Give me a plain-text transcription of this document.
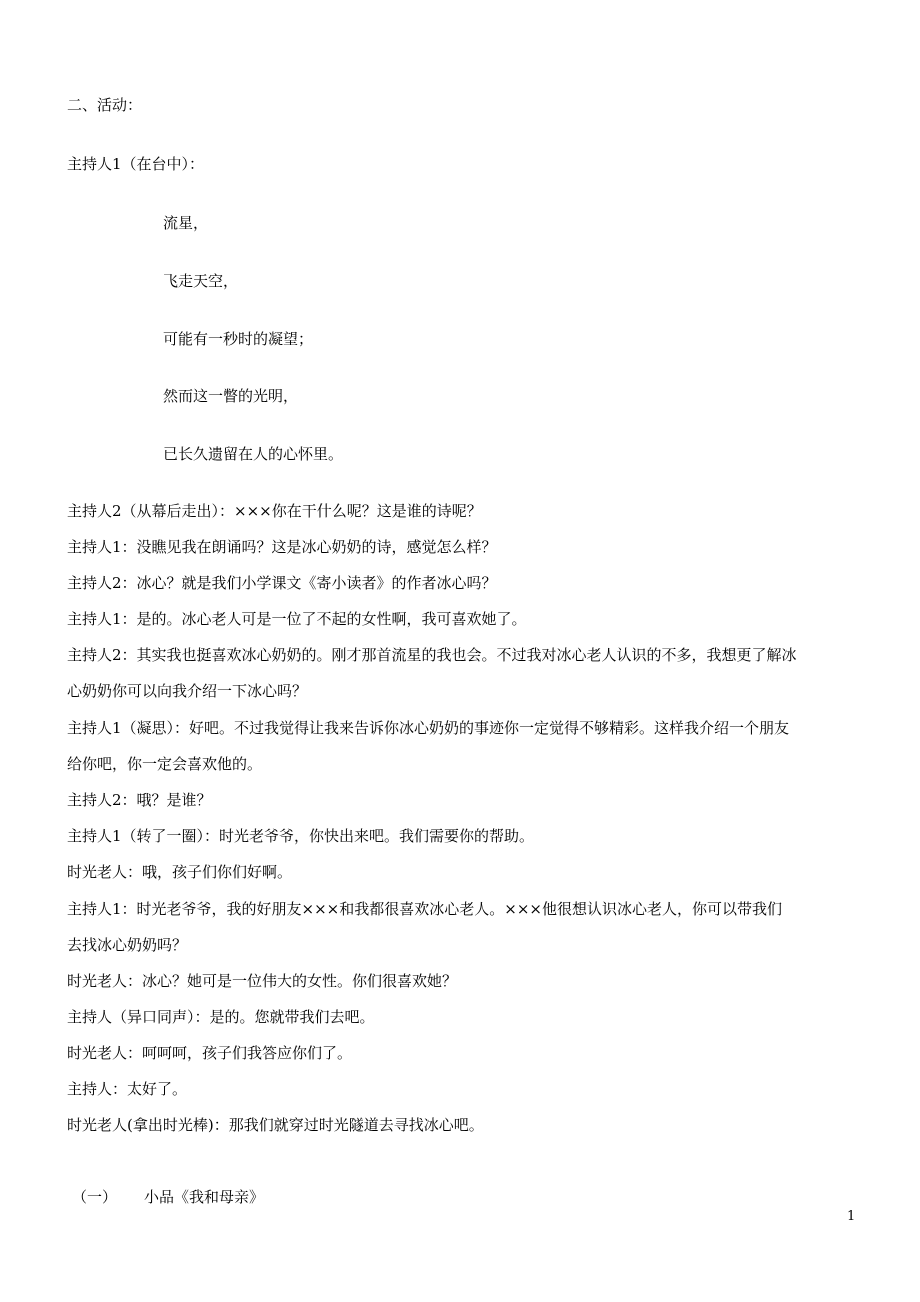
二、活动：
主持人1（在台中）：
流星，
飞走天空，
可能有一秒时的凝望；
然而这一瞥的光明，
已长久遗留在人的心怀里。
主持人2（从幕后走出）：×××你在干什么呢？这是谁的诗呢？
主持人1：没瞧见我在朗诵吗？这是冰心奶奶的诗，感觉怎么样？
主持人2：冰心？就是我们小学课文《寄小读者》的作者冰心吗？
主持人1：是的。冰心老人可是一位了不起的女性啊，我可喜欢她了。
主持人2：其实我也挺喜欢冰心奶奶的。刚才那首流星的我也会。不过我对冰心老人认识的不多，我想更了解冰
心奶奶你可以向我介绍一下冰心吗？
主持人1（凝思）：好吧。不过我觉得让我来告诉你冰心奶奶的事迹你一定觉得不够精彩。这样我介绍一个朋友
给你吧，你一定会喜欢他的。
主持人2：哦？是谁？
主持人1（转了一圈）：时光老爷爷，你快出来吧。我们需要你的帮助。
时光老人：哦，孩子们你们好啊。
主持人1：时光老爷爷，我的好朋友×××和我都很喜欢冰心老人。×××他很想认识冰心老人，你可以带我们
去找冰心奶奶吗？
时光老人：冰心？她可是一位伟大的女性。你们很喜欢她？
主持人（异口同声）：是的。您就带我们去吧。
时光老人：呵呵呵，孩子们我答应你们了。
主持人：太好了。
时光老人(拿出时光棒)：那我们就穿过时光隧道去寻找冰心吧。
（一） 小品《我和母亲》
1
